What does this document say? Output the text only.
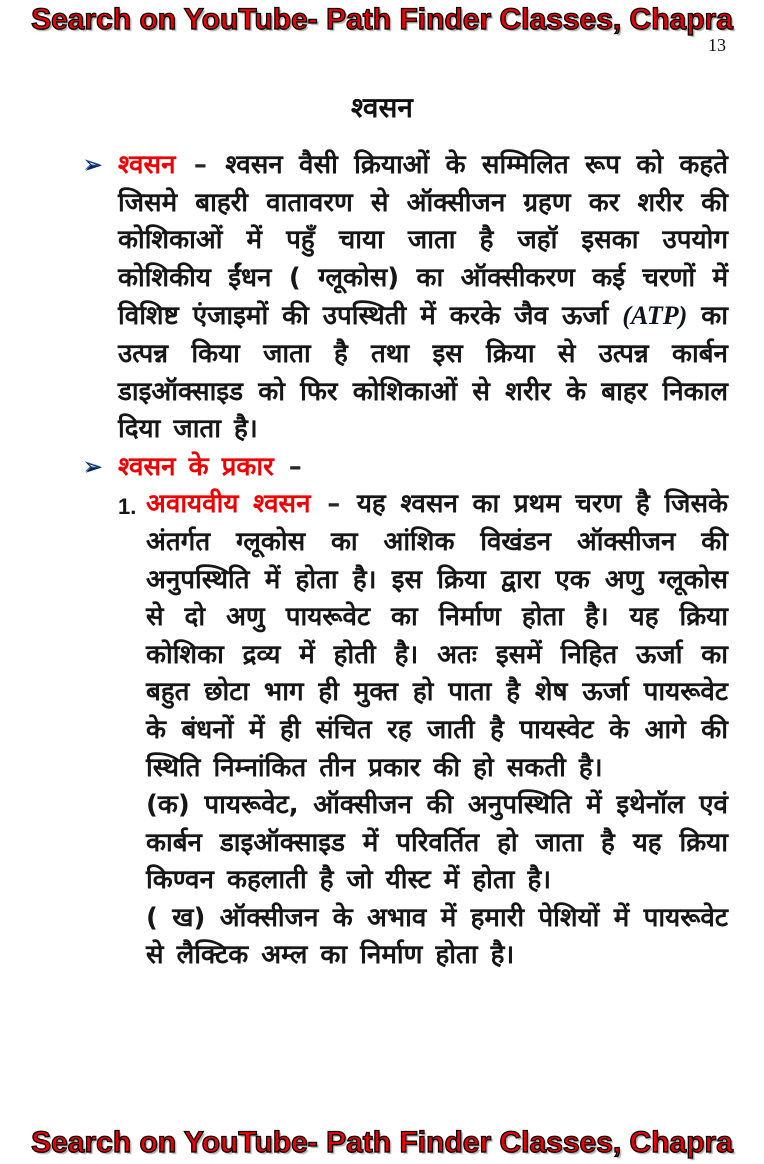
Search on YouTube- Path Finder Classes, Chapra
13
श्वसन
➢ श्वसन – श्वसन वैसी क्रियाओं के सम्मिलित रूप को कहते जिसमे बाहरी वातावरण से ऑक्सीजन ग्रहण कर शरीर की कोशिकाओं में पहुँ चाया जाता है जहॉ इसका उपयोग कोशिकीय ईंधन ( ग्लूकोस) का ऑक्सीकरण कई चरणों में विशिष्ट एंजाइमों की उपस्थिती में करके जैव ऊर्जा (ATP) का उत्पन्न किया जाता है तथा इस क्रिया से उत्पन्न कार्बन डाइऑक्साइड को फिर कोशिकाओं से शरीर के बाहर निकाल दिया जाता है।
➢ श्वसन के प्रकार –
1. अवायवीय श्वसन – यह श्वसन का प्रथम चरण है जिसके अंतर्गत ग्लूकोस का आंशिक विखंडन ऑक्सीजन की अनुपस्थिति में होता है। इस क्रिया द्वारा एक अणु ग्लूकोस से दो अणु पायरूवेट का निर्माण होता है। यह क्रिया कोशिका द्रव्य में होती है। अतः इसमें निहित ऊर्जा का बहुत छोटा भाग ही मुक्त हो पाता है शेष ऊर्जा पायरूवेट के बंधनों में ही संचित रह जाती है पायस्वेट के आगे की स्थिति निम्नांकित तीन प्रकार की हो सकती है।

(क) पायरूवेट, ऑक्सीजन की अनुपस्थिति में इथेनॉल एवं कार्बन डाइऑक्साइड में परिवर्तित हो जाता है यह क्रिया किण्वन कहलाती है जो यीस्ट में होता है।

( ख) ऑक्सीजन के अभाव में हमारी पेशियों में पायरूवेट से लैक्टिक अम्ल का निर्माण होता है।

Search on YouTube- Path Finder Classes, Chapra
